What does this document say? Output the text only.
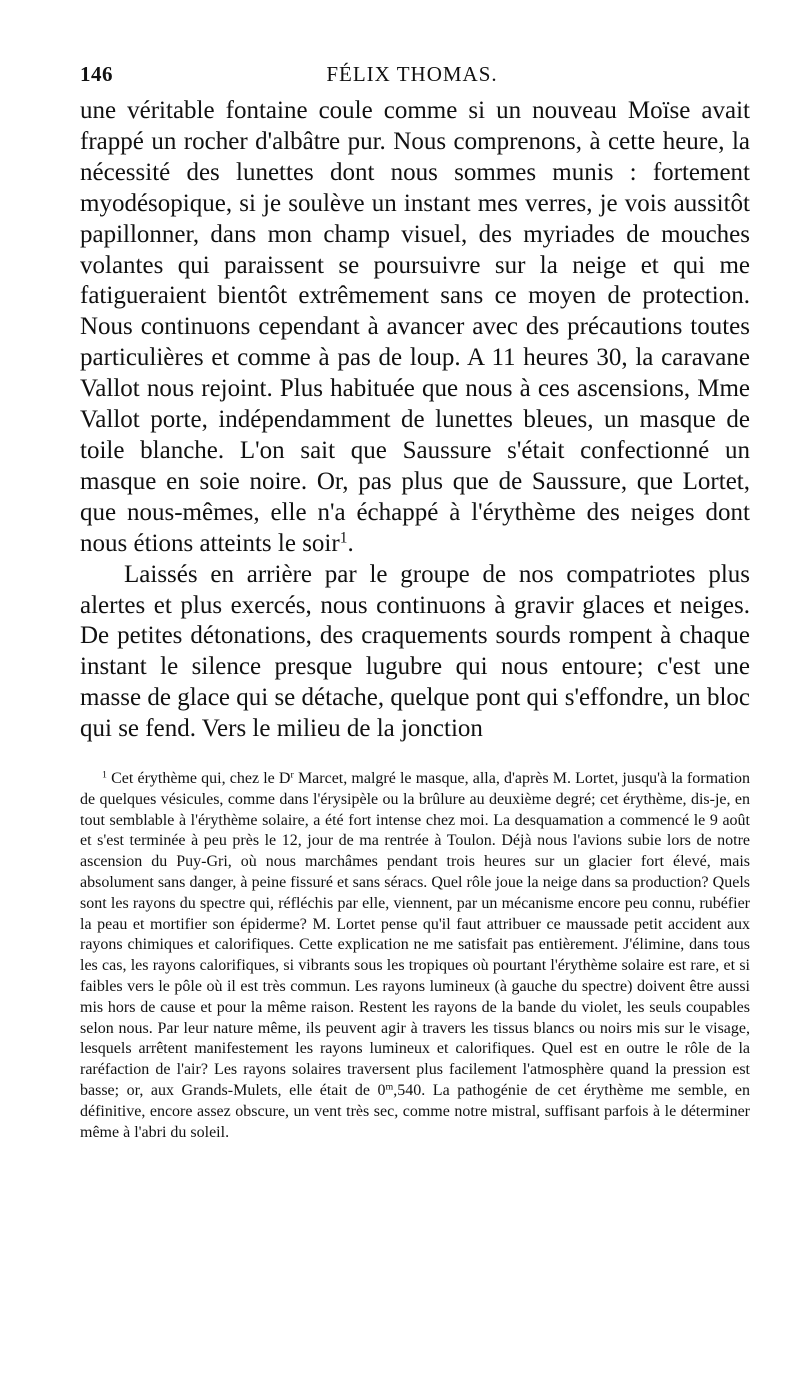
146	FÉLIX THOMAS.

une véritable fontaine coule comme si un nouveau Moïse avait frappé un rocher d'albâtre pur. Nous comprenons, à cette heure, la nécessité des lunettes dont nous sommes munis : fortement myodésopique, si je soulève un instant mes verres, je vois aussitôt papillonner, dans mon champ visuel, des myriades de mouches volantes qui paraissent se poursuivre sur la neige et qui me fatigueraient bientôt extrêmement sans ce moyen de protection. Nous continuons cependant à avancer avec des précautions toutes particulières et comme à pas de loup. A 11 heures 30, la caravane Vallot nous rejoint. Plus habituée que nous à ces ascensions, Mme Vallot porte, indépendamment de lunettes bleues, un masque de toile blanche. L'on sait que Saussure s'était confectionné un masque en soie noire. Or, pas plus que de Saussure, que Lortet, que nous-mêmes, elle n'a échappé à l'érythème des neiges dont nous étions atteints le soir$^1$.

Laissés en arrière par le groupe de nos compatriotes plus alertes et plus exercés, nous continuons à gravir glaces et neiges. De petites détonations, des craquements sourds rompent à chaque instant le silence presque lugubre qui nous entoure; c'est une masse de glace qui se détache, quelque pont qui s'effondre, un bloc qui se fend. Vers le milieu de la jonction

$^1$ Cet érythème qui, chez le $D^r$ Marcet, malgré le masque, alla, d'après M. Lortet, jusqu'à la formation de quelques vésicules, comme dans l'érysipèle ou la brûlure au deuxième degré; cet érythème, dis-je, en tout semblable à l'érythème solaire, a été fort intense chez moi. La desquamation a commencé le 9 août et s'est terminée à peu près le 12, jour de ma rentrée à Toulon. Déjà nous l'avions subie lors de notre ascension du Puy-Gri, où nous marchâmes pendant trois heures sur un glacier fort élevé, mais absolument sans danger, à peine fissuré et sans séracs. Quel rôle joue la neige dans sa production? Quels sont les rayons du spectre qui, réfléchis par elle, viennent, par un mécanisme encore peu connu, rubéfier la peau et mortifier son épiderme? M. Lortet pense qu'il faut attribuer ce maussade petit accident aux rayons chimiques et calorifiques. Cette explication ne me satisfait pas entièrement. J'élimine, dans tous les cas, les rayons calorifiques, si vibrants sous les tropiques où pourtant l'érythème solaire est rare, et si faibles vers le pôle où il est très commun. Les rayons lumineux (à gauche du spectre) doivent être aussi mis hors de cause et pour la même raison. Restent les rayons de la bande du violet, les seuls coupables selon nous. Par leur nature même, ils peuvent agir à travers les tissus blancs ou noirs mis sur le visage, lesquels arrêtent manifestement les rayons lumineux et calorifiques. Quel est en outre le rôle de la raréfaction de l'air? Les rayons solaires traversent plus facilement l'atmosphère quand la pression est basse; or, aux Grands-Mulets, elle était de 0$^m$,540. La pathogénie de cet érythème me semble, en définitive, encore assez obscure, un vent très sec, comme notre mistral, suffisant parfois à le déterminer même à l'abri du soleil.
